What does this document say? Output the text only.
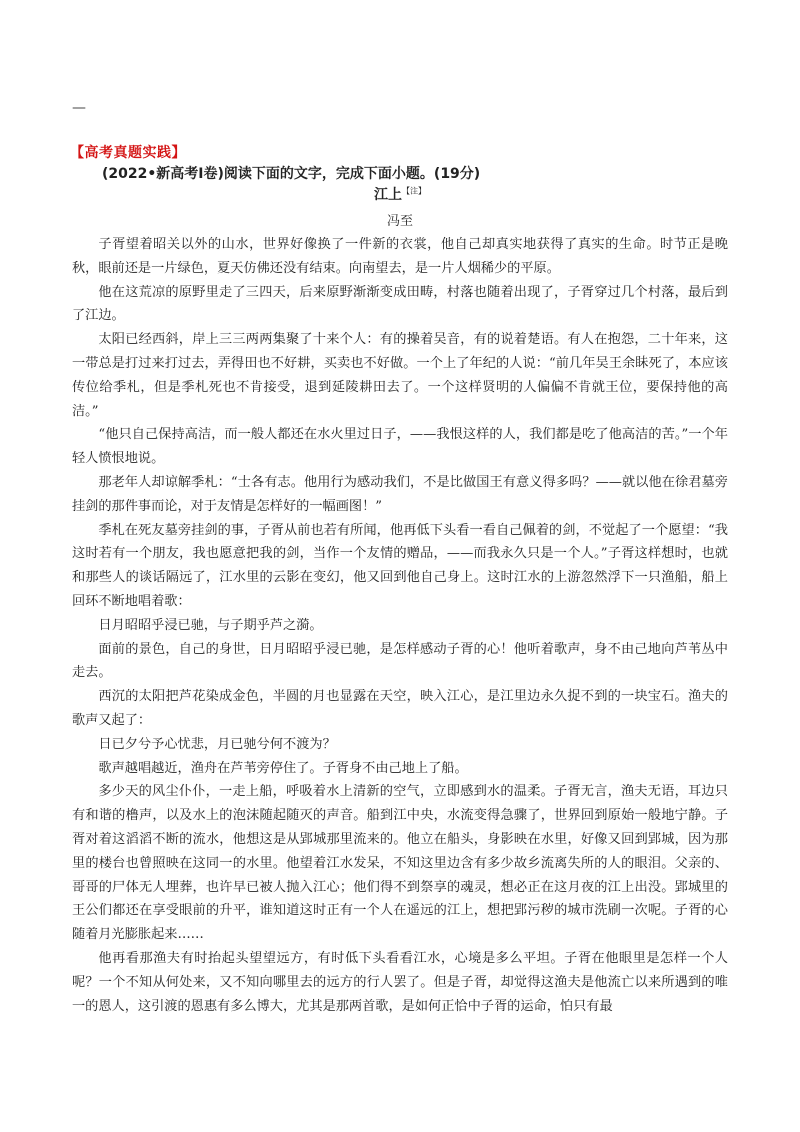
—
【高考真题实践】
(2022•新高考Ⅰ卷)阅读下面的文字，完成下面小题。(19分)
江上$^{【注】}$
冯至

子胥望着昭关以外的山水，世界好像换了一件新的衣裳，他自己却真实地获得了真实的生命。时节正是晚秋，眼前还是一片绿色，夏天仿佛还没有结束。向南望去，是一片人烟稀少的平原。

他在这荒凉的原野里走了三四天，后来原野渐渐变成田畴，村落也随着出现了，子胥穿过几个村落，最后到了江边。

太阳已经西斜，岸上三三两两集聚了十来个人：有的操着吴音，有的说着楚语。有人在抱怨，二十年来，这一带总是打过来打过去，弄得田也不好耕，买卖也不好做。一个上了年纪的人说：“前几年吴王余眛死了，本应该传位给季札，但是季札死也不肯接受，退到延陵耕田去了。一个这样贤明的人偏偏不肯就王位，要保持他的高洁。”

“他只自己保持高洁，而一般人都还在水火里过日子，——我恨这样的人，我们都是吃了他高洁的苦。”一个年轻人愤恨地说。

那老年人却谅解季札：“士各有志。他用行为感动我们，不是比做国王有意义得多吗？——就以他在徐君墓旁挂剑的那件事而论，对于友情是怎样好的一幅画图！”

季札在死友墓旁挂剑的事，子胥从前也若有所闻，他再低下头看一看自己佩着的剑，不觉起了一个愿望：“我这时若有一个朋友，我也愿意把我的剑，当作一个友情的赠品，——而我永久只是一个人。”子胥这样想时，也就和那些人的谈话隔远了，江水里的云影在变幻，他又回到他自己身上。这时江水的上游忽然浮下一只渔船，船上回环不断地唱着歌：

日月昭昭乎浸已驰，与子期乎芦之漪。

面前的景色，自己的身世，日月昭昭乎浸已驰，是怎样感动子胥的心！他听着歌声，身不由己地向芦苇丛中走去。

西沉的太阳把芦花染成金色，半圆的月也显露在天空，映入江心，是江里边永久捉不到的一块宝石。渔夫的歌声又起了：

日已夕兮予心忧悲，月已驰兮何不渡为？

歌声越唱越近，渔舟在芦苇旁停住了。子胥身不由己地上了船。

多少天的风尘仆仆，一走上船，呼吸着水上清新的空气，立即感到水的温柔。子胥无言，渔夫无语，耳边只有和谐的橹声，以及水上的泡沫随起随灭的声音。船到江中央，水流变得急骤了，世界回到原始一般地宁静。子胥对着这滔滔不断的流水，他想这是从郢城那里流来的。他立在船头，身影映在水里，好像又回到郢城，因为那里的楼台也曾照映在这同一的水里。他望着江水发呆，不知这里边含有多少故乡流离失所的人的眼泪。父亲的、哥哥的尸体无人埋葬，也许早已被人抛入江心；他们得不到祭享的魂灵，想必正在这月夜的江上出没。郢城里的王公们都还在享受眼前的升平，谁知道这时正有一个人在遥远的江上，想把郢污秽的城市洗刷一次呢。子胥的心随着月光膨胀起来……

他再看那渔夫有时抬起头望望远方，有时低下头看看江水，心境是多么平坦。子胥在他眼里是怎样一个人呢？一个不知从何处来，又不知向哪里去的远方的行人罢了。但是子胥，却觉得这渔夫是他流亡以来所遇到的唯一的恩人，这引渡的恩惠有多么博大，尤其是那两首歌，是如何正恰中子胥的运命，怕只有最
